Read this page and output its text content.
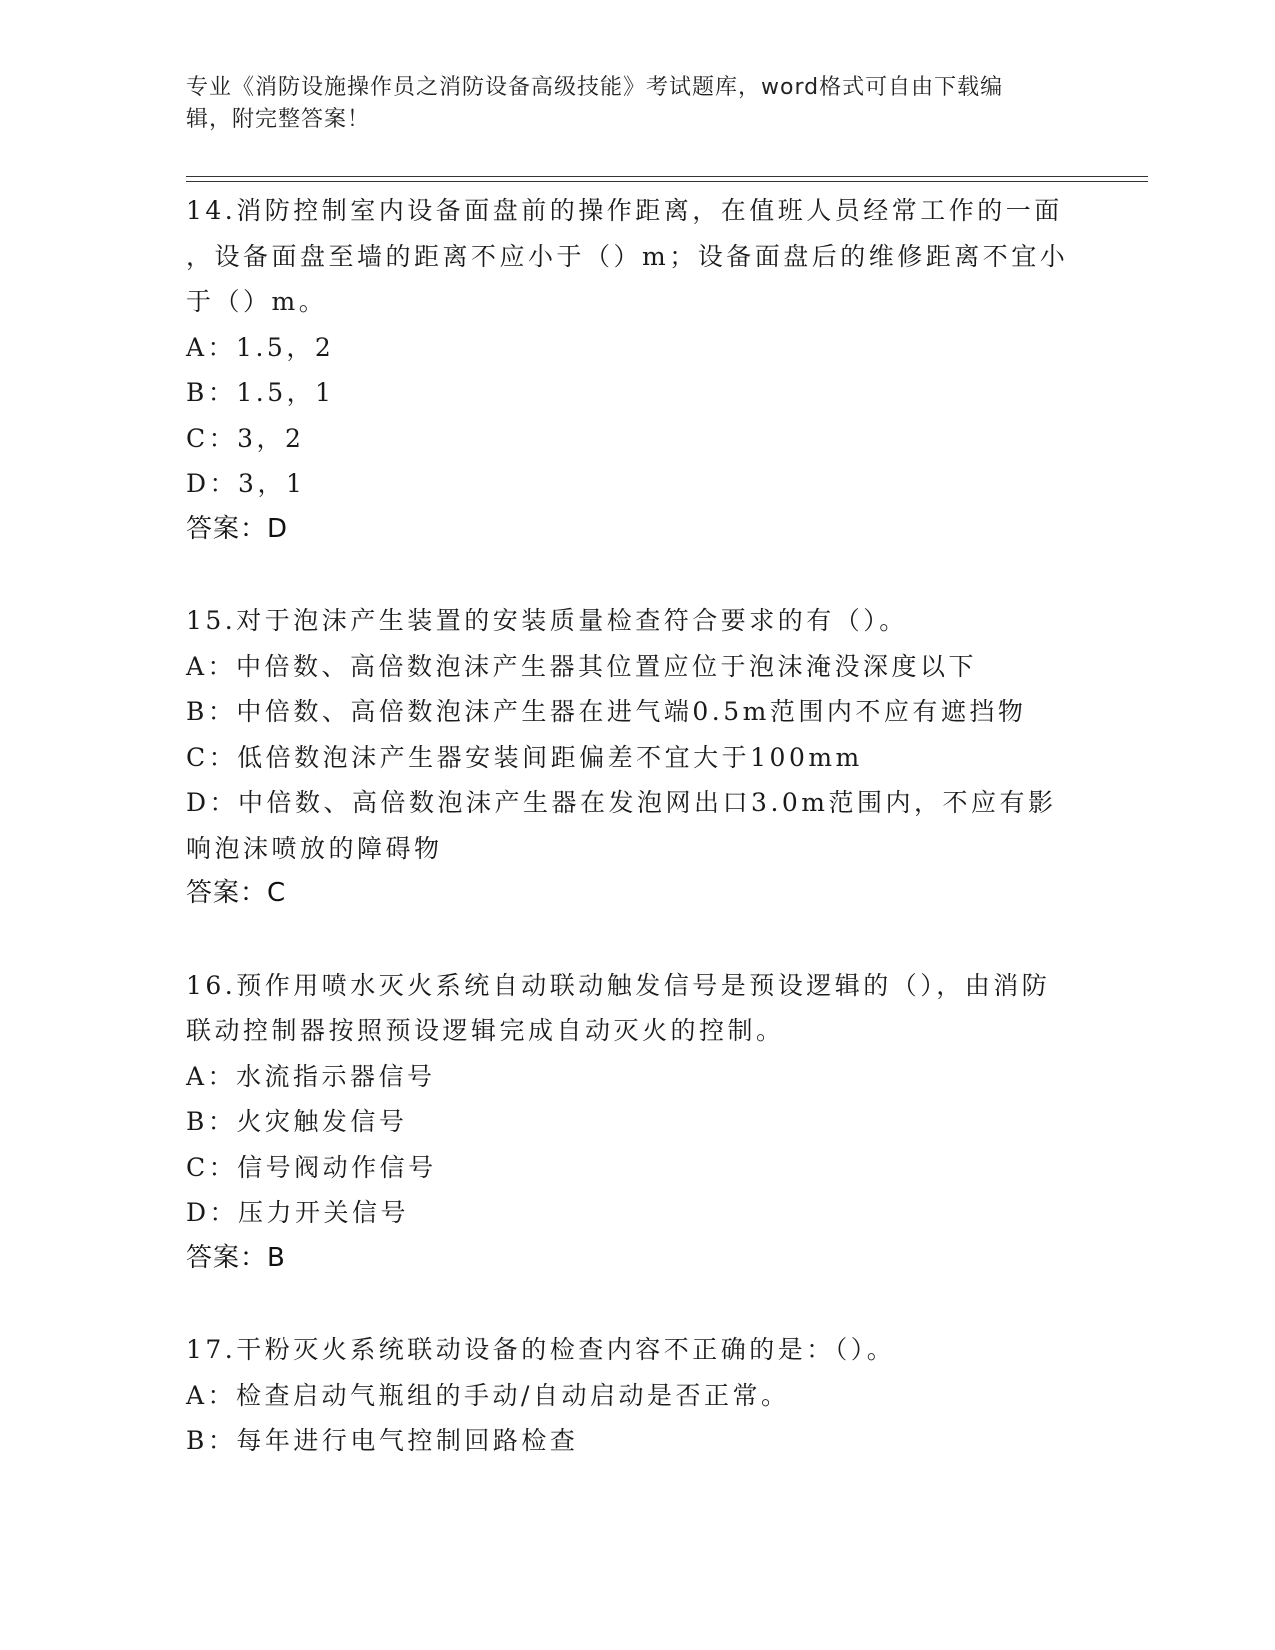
专业《消防设施操作员之消防设备高级技能》考试题库，word格式可自由下载编
辑，附完整答案！
14.消防控制室内设备面盘前的操作距离，在值班人员经常工作的一面
，设备面盘至墙的距离不应小于（）m；设备面盘后的维修距离不宜小
于（）m。
A：1.5，2
B：1.5，1
C：3，2
D：3，1
答案：D
15.对于泡沫产生装置的安装质量检查符合要求的有（）。
A：中倍数、高倍数泡沫产生器其位置应位于泡沫淹没深度以下
B：中倍数、高倍数泡沫产生器在进气端0.5m范围内不应有遮挡物
C：低倍数泡沫产生器安装间距偏差不宜大于100mm
D：中倍数、高倍数泡沫产生器在发泡网出口3.0m范围内，不应有影
响泡沫喷放的障碍物
答案：C
16.预作用喷水灭火系统自动联动触发信号是预设逻辑的（），由消防
联动控制器按照预设逻辑完成自动灭火的控制。
A：水流指示器信号
B：火灾触发信号
C：信号阀动作信号
D：压力开关信号
答案：B
17.干粉灭火系统联动设备的检查内容不正确的是：（）。
A：检查启动气瓶组的手动/自动启动是否正常。
B：每年进行电气控制回路检查
